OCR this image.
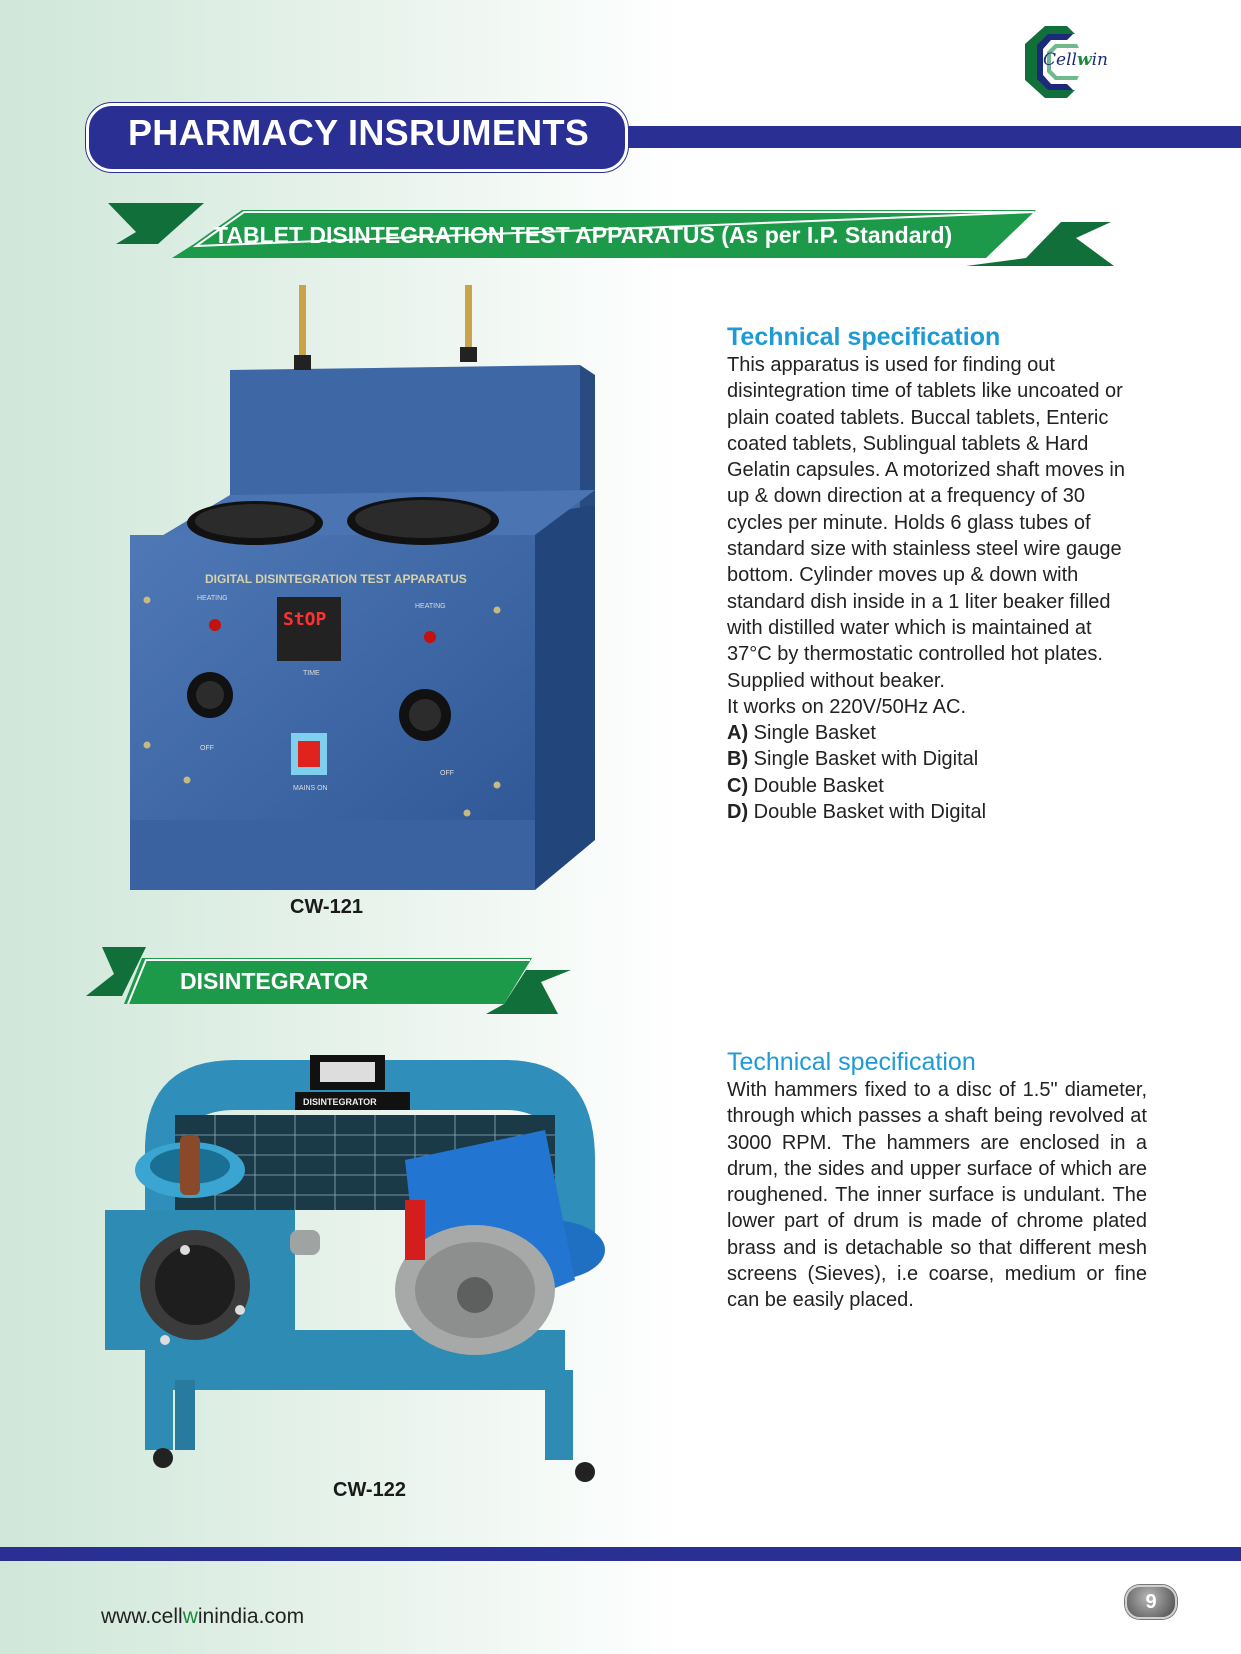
Cellwin
PHARMACY INSRUMENTS
TABLET DISINTEGRATION TEST APPARATUS (As per I.P. Standard)
DIGITAL DISINTEGRATION TEST APPARATUS
StOP
HEATING
HEATING
OFF
OFF
TIME
MAINS ON
CW-121
Technical specification

This apparatus is used for finding out

disintegration time of tablets like uncoated or

plain coated tablets. Buccal tablets, Enteric

coated tablets, Sublingual tablets & Hard

Gelatin capsules. A motorized shaft moves in

up & down direction at a frequency of 30

cycles per minute. Holds 6 glass tubes of

standard size with stainless steel wire gauge

bottom. Cylinder moves up & down with

standard dish inside in a 1 liter beaker filled

with distilled water which is maintained at

37°C by thermostatic controlled hot plates.

Supplied without beaker.

It works on 220V/50Hz AC.

A) Single Basket

B) Single Basket with Digital

C) Double Basket

D) Double Basket with Digital

DISINTEGRATOR
DISINTEGRATOR
CW-122
Technical specification

With hammers fixed to a disc of 1.5" diameter, through which passes a shaft being revolved at 3000 RPM. The hammers are enclosed in a drum, the sides and upper surface of which are roughened. The inner surface is undulant. The lower part of drum is made of chrome plated brass and is detachable so that different mesh screens (Sieves), i.e coarse, medium or fine can be easily placed.

www.cellwinindia.com
9
